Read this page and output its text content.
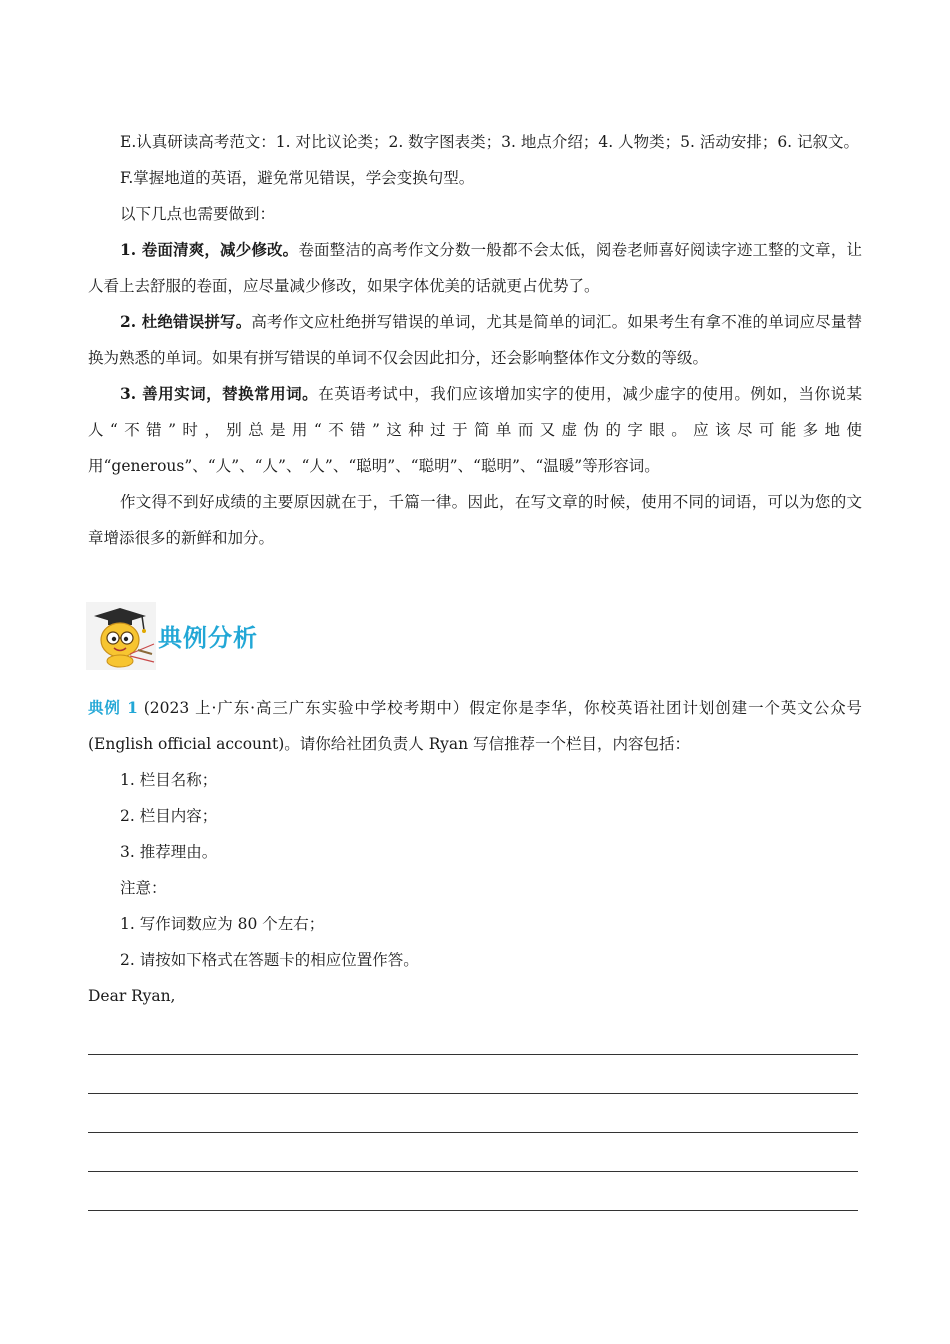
E.认真研读高考范文：1. 对比议论类；2. 数字图表类；3. 地点介绍；4. 人物类；5. 活动安排；6. 记叙文。

F.掌握地道的英语，避免常见错误，学会变换句型。

以下几点也需要做到：

1. 卷面清爽，减少修改。卷面整洁的高考作文分数一般都不会太低，阅卷老师喜好阅读字迹工整的文章，让人看上去舒服的卷面，应尽量减少修改，如果字体优美的话就更占优势了。

2. 杜绝错误拼写。高考作文应杜绝拼写错误的单词，尤其是简单的词汇。如果考生有拿不准的单词应尽量替换为熟悉的单词。如果有拼写错误的单词不仅会因此扣分，还会影响整体作文分数的等级。

3. 善用实词，替换常用词。在英语考试中，我们应该增加实字的使用，减少虚字的使用。例如，当你说某人“不错”时，别总是用“不错”这种过于简单而又虚伪的字眼。应该尽可能多地使用“generous”、“人”、“人”、“人”、“聪明”、“聪明”、“聪明”、“温暖”等形容词。

作文得不到好成绩的主要原因就在于，千篇一律。因此，在写文章的时候，使用不同的词语，可以为您的文章增添很多的新鲜和加分。

典例分析

典例 1 (2023 上·广东·高三广东实验中学校考期中）假定你是李华，你校英语社团计划创建一个英文公众号(English official account)。请你给社团负责人 Ryan 写信推荐一个栏目，内容包括：

1. 栏目名称；

2. 栏目内容；

3. 推荐理由。

注意：

1. 写作词数应为 80 个左右；

2. 请按如下格式在答题卡的相应位置作答。

Dear Ryan,
